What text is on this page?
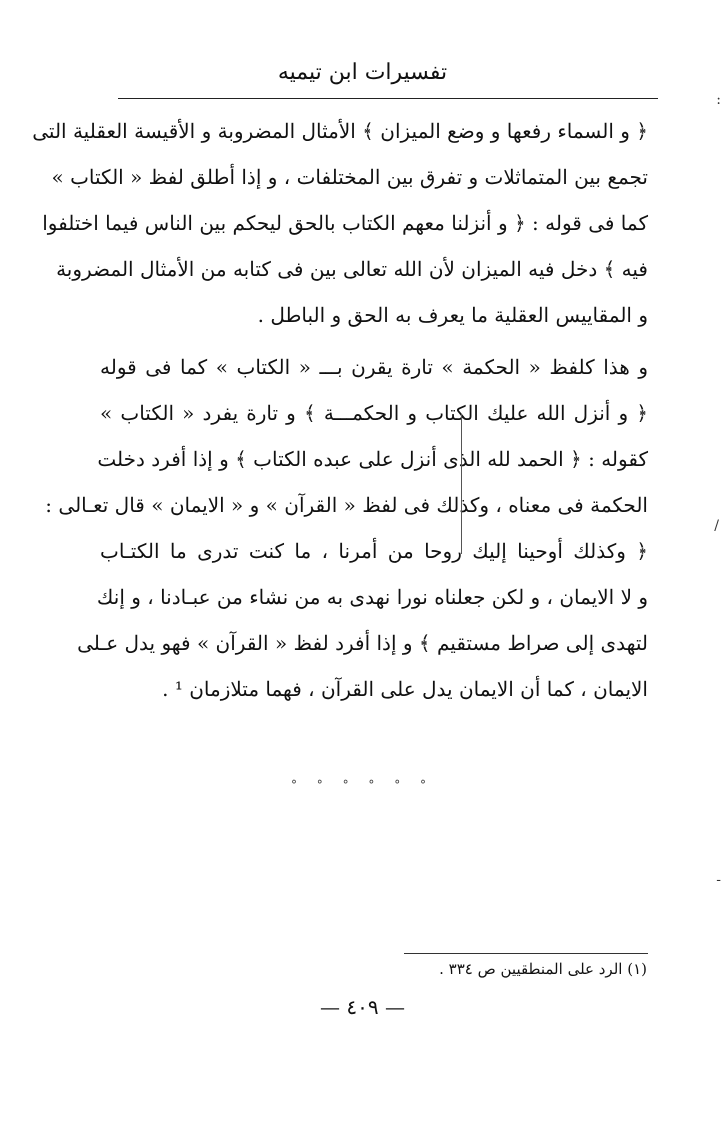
تفسيرات ابن تيميه
:
/
-
﴿ و السماء رفعها و وضع الميزان ﴾ الأمثال المضروبة و الأقيسة العقلية التى
تجمع بين المتماثلات و تفرق بين المختلفات ، و إذا أطلق لفظ « الكتاب »
كما فى قوله : ﴿ و أنزلنا معهم الكتاب بالحق ليحكم بين الناس فيما اختلفوا
فيه ﴾ دخل فيه الميزان لأن الله تعالى بين فى كتابه من الأمثال المضروبة
و المقاييس العقلية ما يعرف به الحق و الباطل .
و هذا كلفظ « الحكمة » تارة يقرن بـــ « الكتاب » كما فى قوله
﴿ و أنزل الله عليك الكتاب و الحكمـــة ﴾ و تارة يفرد « الكتاب »
كقوله : ﴿ الحمد لله الذى أنزل على عبده الكتاب ﴾ و إذا أفرد دخلت
الحكمة فى معناه ، وكذلك فى لفظ « القرآن » و « الايمان » قال تعـالى :
﴿ وكذلك أوحينا إليك روحا من أمرنا ، ما كنت تدرى ما الكتـاب
و لا الايمان ، و لكن جعلناه نورا نهدى به من نشاء من عبـادنا ، و إنك
لتهدى إلى صراط مستقيم ﴾ و إذا أفرد لفظ « القرآن » فهو يدل عـلى
الايمان ، كما أن الايمان يدل على القرآن ، فهما متلازمان ¹ .
° ° ° ° ° °
(١) الرد على المنطقيين ص ٣٣٤ .
— ٤٠٩ —
